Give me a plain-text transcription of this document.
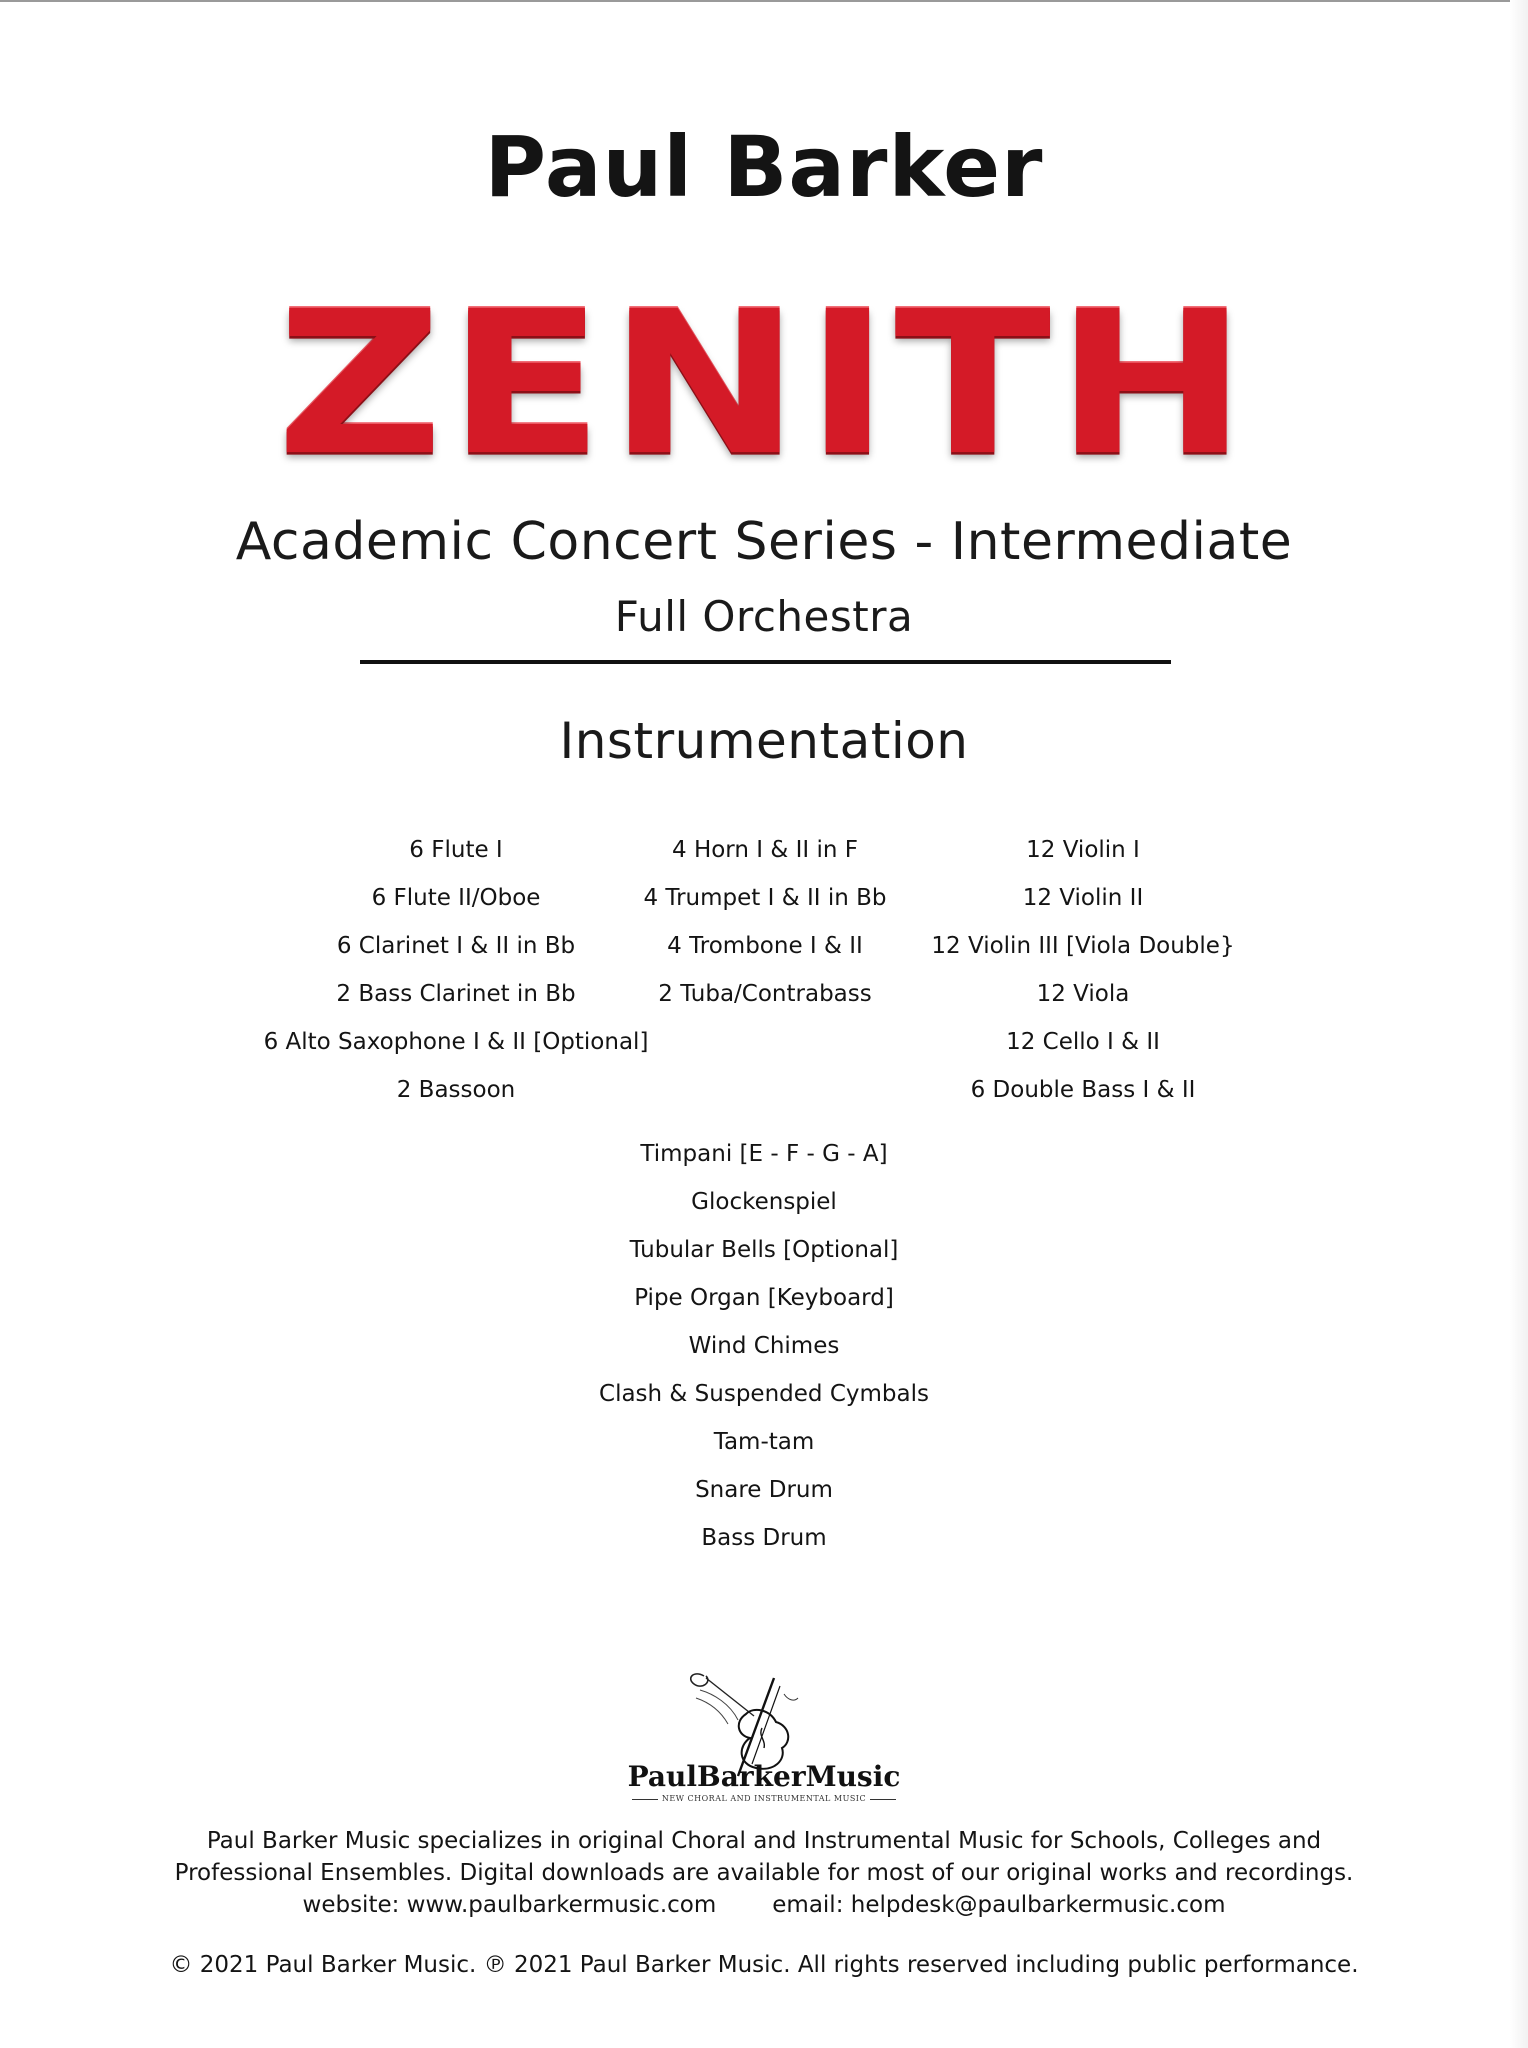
Paul Barker
ZENITH
Academic Concert Series - Intermediate
Full Orchestra
Instrumentation
6 Flute I
6 Flute II/Oboe
6 Clarinet I & II in Bb
2 Bass Clarinet in Bb
6 Alto Saxophone I & II [Optional]
2 Bassoon
4 Horn I & II in F
4 Trumpet I & II in Bb
4 Trombone I & II
2 Tuba/Contrabass
12 Violin I
12 Violin II
12 Violin III [Viola Double}
12 Viola
12 Cello I & II
6 Double Bass I & II
Timpani [E - F - G - A]
Glockenspiel
Tubular Bells [Optional]
Pipe Organ [Keyboard]
Wind Chimes
Clash & Suspended Cymbals
Tam-tam
Snare Drum
Bass Drum
PaulBarkerMusic
NEW CHORAL AND INSTRUMENTAL MUSIC
Paul Barker Music specializes in original Choral and Instrumental Music for Schools, Colleges and
Professional Ensembles. Digital downloads are available for most of our original works and recordings.
website: www.paulbarkermusic.com email: helpdesk@paulbarkermusic.com
© 2021 Paul Barker Music. ℗ 2021 Paul Barker Music. All rights reserved including public performance.
